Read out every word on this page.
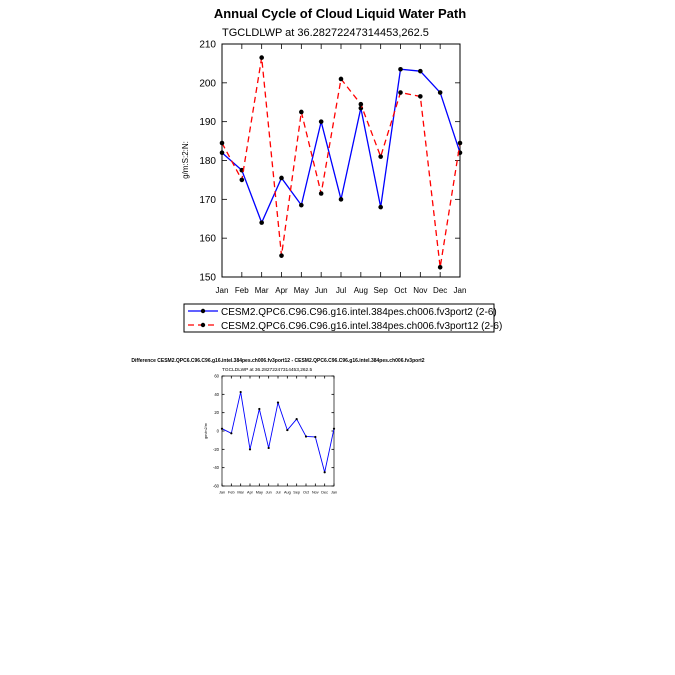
Annual Cycle of Cloud Liquid Water Path
TGCLDLWP at 36.28272247314453,262.5
g/m:S:2:N:
150
160
170
180
190
200
210
Jan Feb Mar Apr May Jun Jul Aug Sep Oct Nov Dec Jan
CESM2.QPC6.C96.C96.g16.intel.384pes.ch006.fv3port2 (2-6)
CESM2.QPC6.C96.C96.g16.intel.384pes.ch006.fv3port12 (2-6)
Difference CESM2.QPC6.C96.C96.g16.intel.384pes.ch006.fv3port12 - CESM2.QPC6.C96.C96.g16.intel.384pes.ch006.fv3port2
TGCLDLWP at 36.28272247314453,262.5
gm/m2/m
-60
-40
-20
0
20
40
60
Jan Feb Mar Apr May Jun Jul Aug Sep Oct Nov Dec Jan
